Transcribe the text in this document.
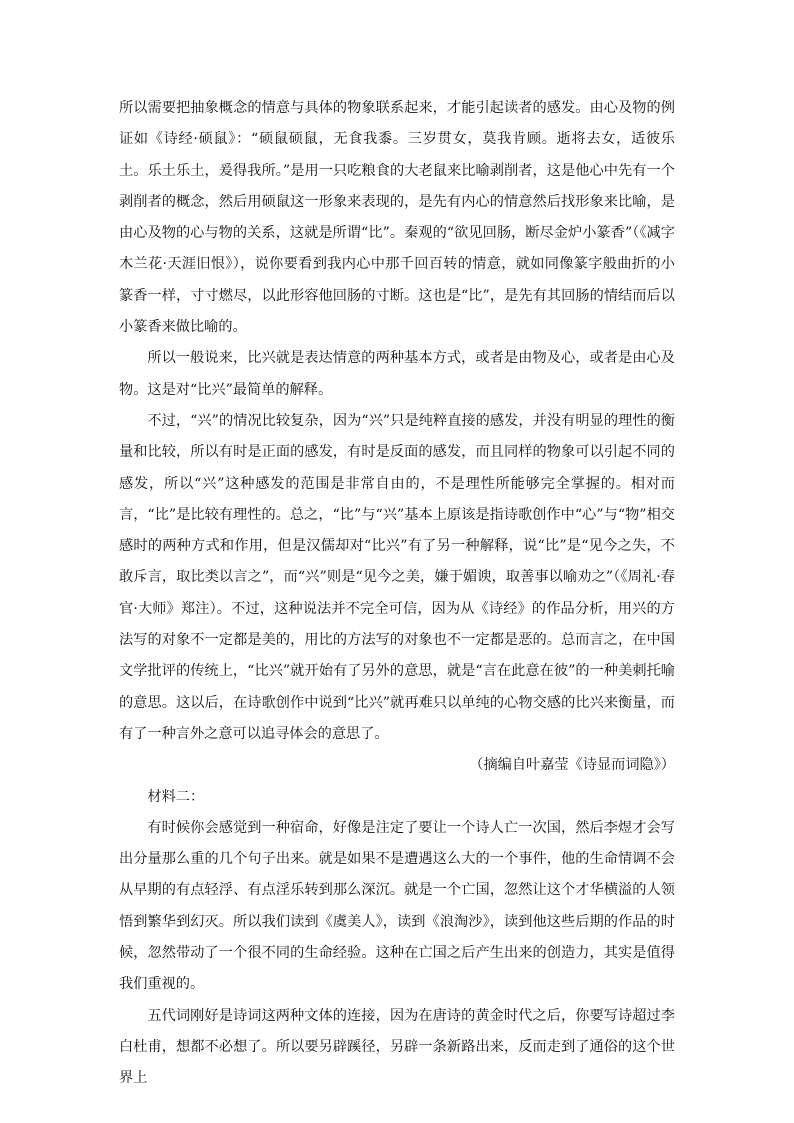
所以需要把抽象概念的情意与具体的物象联系起来，才能引起读者的感发。由心及物的例证如《诗经·硕鼠》：“硕鼠硕鼠，无食我黍。三岁贯女，莫我肯顾。逝将去女，适彼乐土。乐土乐土，爰得我所。”是用一只吃粮食的大老鼠来比喻剥削者，这是他心中先有一个剥削者的概念，然后用硕鼠这一形象来表现的，是先有内心的情意然后找形象来比喻，是由心及物的心与物的关系，这就是所谓“比”。秦观的“欲见回肠，断尽金炉小篆香”（《减字木兰花·天涯旧恨》），说你要看到我内心中那千回百转的情意，就如同像篆字般曲折的小篆香一样，寸寸燃尽，以此形容他回肠的寸断。这也是“比”，是先有其回肠的情结而后以小篆香来做比喻的。

所以一般说来，比兴就是表达情意的两种基本方式，或者是由物及心，或者是由心及物。这是对“比兴”最简单的解释。

不过，“兴”的情况比较复杂，因为“兴”只是纯粹直接的感发，并没有明显的理性的衡量和比较，所以有时是正面的感发，有时是反面的感发，而且同样的物象可以引起不同的感发，所以“兴”这种感发的范围是非常自由的，不是理性所能够完全掌握的。相对而言，“比”是比较有理性的。总之，“比”与“兴”基本上原该是指诗歌创作中“心”与“物”相交感时的两种方式和作用，但是汉儒却对“比兴”有了另一种解释，说“比”是“见今之失，不敢斥言，取比类以言之”，而“兴”则是“见今之美，嫌于媚谀，取善事以喻劝之”（《周礼·春官·大师》郑注）。不过，这种说法并不完全可信，因为从《诗经》的作品分析，用兴的方法写的对象不一定都是美的，用比的方法写的对象也不一定都是恶的。总而言之，在中国文学批评的传统上，“比兴”就开始有了另外的意思，就是“言在此意在彼”的一种美刺托喻的意思。这以后，在诗歌创作中说到“比兴”就再难只以单纯的心物交感的比兴来衡量，而有了一种言外之意可以追寻体会的意思了。

（摘编自叶嘉莹《诗显而词隐》）

材料二：

有时候你会感觉到一种宿命，好像是注定了要让一个诗人亡一次国，然后李煜才会写出分量那么重的几个句子出来。就是如果不是遭遇这么大的一个事件，他的生命情调不会从早期的有点轻浮、有点淫乐转到那么深沉。就是一个亡国，忽然让这个才华横溢的人领悟到繁华到幻灭。所以我们读到《虞美人》，读到《浪淘沙》，读到他这些后期的作品的时候，忽然带动了一个很不同的生命经验。这种在亡国之后产生出来的创造力，其实是值得我们重视的。

五代词刚好是诗词这两种文体的连接，因为在唐诗的黄金时代之后，你要写诗超过李白杜甫，想都不必想了。所以要另辟蹊径，另辟一条新路出来，反而走到了通俗的这个世界上
